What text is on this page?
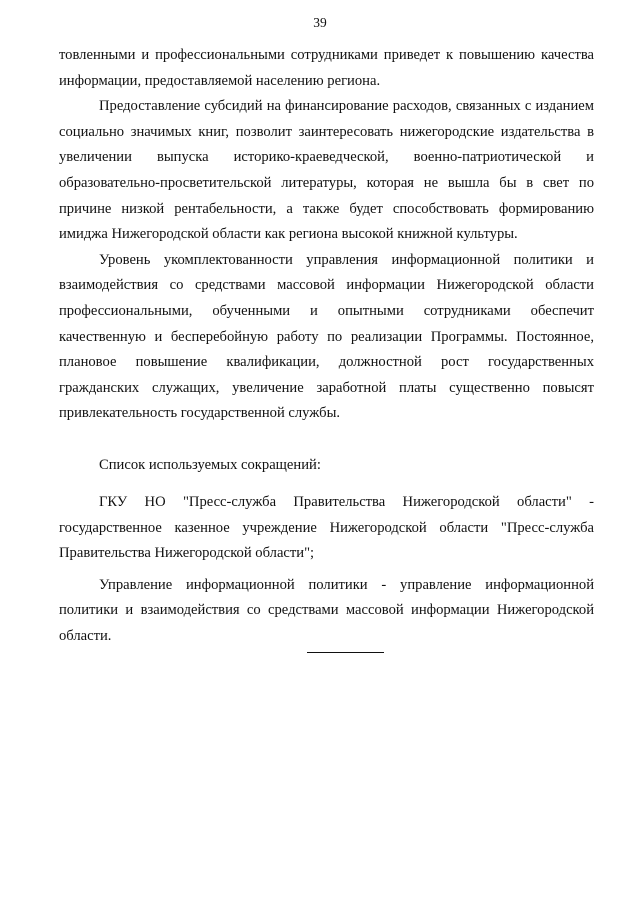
39

товленными и профессиональными сотрудниками приведет к повышению качества информации, предоставляемой населению региона.

Предоставление субсидий на финансирование расходов, связанных с изданием социально значимых книг, позволит заинтересовать нижегородские издательства в увеличении выпуска историко-краеведческой, военно-патриотической и образовательно-просветительской литературы, которая не вышла бы в свет по причине низкой рентабельности, а также будет способствовать формированию имиджа Нижегородской области как региона высокой книжной культуры.

Уровень укомплектованности управления информационной политики и взаимодействия со средствами массовой информации Нижегородской области профессиональными, обученными и опытными сотрудниками обеспечит качественную и бесперебойную работу по реализации Программы. Постоянное, плановое повышение квалификации, должностной рост государственных гражданских служащих, увеличение заработной платы существенно повысят привлекательность государственной службы.

Список используемых сокращений:

ГКУ НО "Пресс-служба Правительства Нижегородской области" - государственное казенное учреждение Нижегородской области "Пресс-служба Правительства Нижегородской области";

Управление информационной политики - управление информационной политики и взаимодействия со средствами массовой информации Нижегородской области.
